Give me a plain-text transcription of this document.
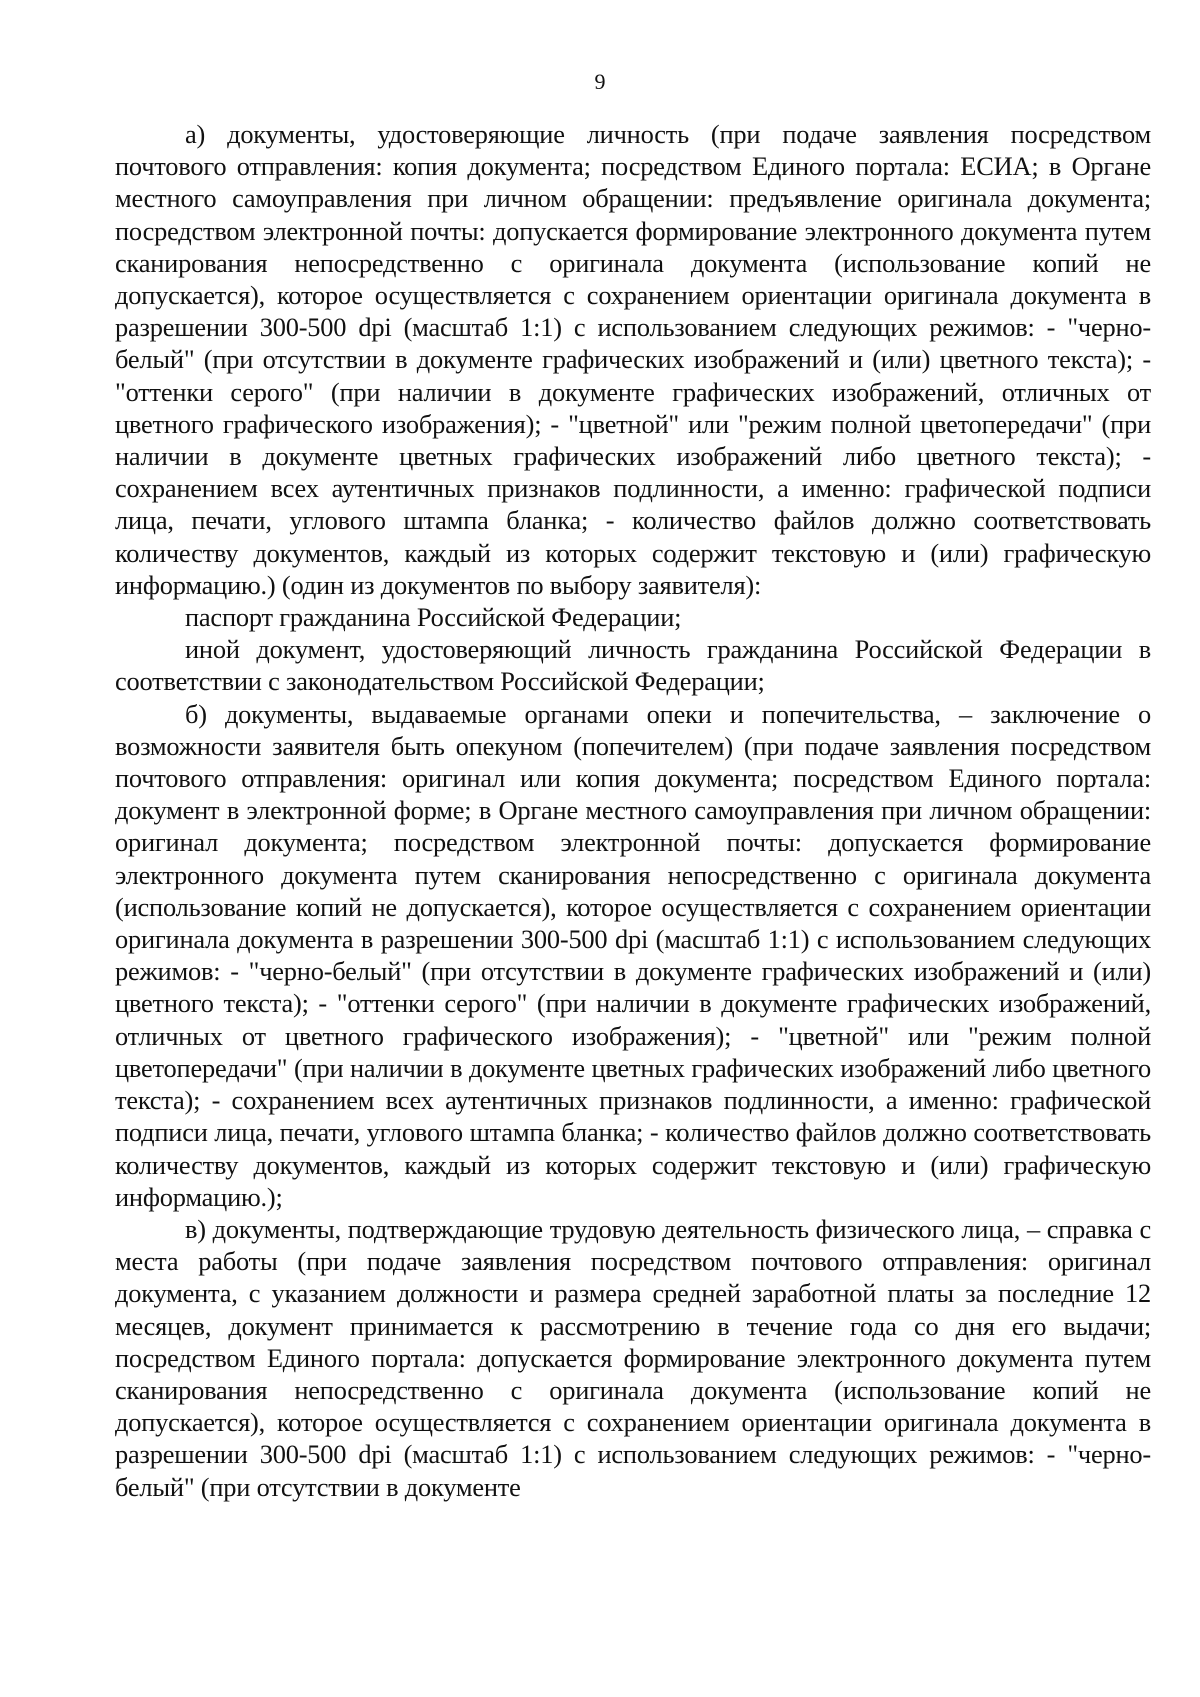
9

а) документы, удостоверяющие личность (при подаче заявления посредством почтового отправления: копия документа; посредством Единого портала: ЕСИА; в Органе местного самоуправления при личном обращении: предъявление оригинала документа; посредством электронной почты: допускается формирование электронного документа путем сканирования непосредственно с оригинала документа (использование копий не допускается), которое осуществляется с сохранением ориентации оригинала документа в разрешении 300-500 dpi (масштаб 1:1) с использованием следующих режимов: - "черно-белый" (при отсутствии в документе графических изображений и (или) цветного текста); - "оттенки серого" (при наличии в документе графических изображений, отличных от цветного графического изображения); - "цветной" или "режим полной цветопередачи" (при наличии в документе цветных графических изображений либо цветного текста); - сохранением всех аутентичных признаков подлинности, а именно: графической подписи лица, печати, углового штампа бланка; - количество файлов должно соответствовать количеству документов, каждый из которых содержит текстовую и (или) графическую информацию.) (один из документов по выбору заявителя):

паспорт гражданина Российской Федерации;

иной документ, удостоверяющий личность гражданина Российской Федерации в соответствии с законодательством Российской Федерации;

б) документы, выдаваемые органами опеки и попечительства, – заключение о возможности заявителя быть опекуном (попечителем) (при подаче заявления посредством почтового отправления: оригинал или копия документа; посредством Единого портала: документ в электронной форме; в Органе местного самоуправления при личном обращении: оригинал документа; посредством электронной почты: допускается формирование электронного документа путем сканирования непосредственно с оригинала документа (использование копий не допускается), которое осуществляется с сохранением ориентации оригинала документа в разрешении 300-500 dpi (масштаб 1:1) с использованием следующих режимов: - "черно-белый" (при отсутствии в документе графических изображений и (или) цветного текста); - "оттенки серого" (при наличии в документе графических изображений, отличных от цветного графического изображения); - "цветной" или "режим полной цветопередачи" (при наличии в документе цветных графических изображений либо цветного текста); - сохранением всех аутентичных признаков подлинности, а именно: графической подписи лица, печати, углового штампа бланка; - количество файлов должно соответствовать количеству документов, каждый из которых содержит текстовую и (или) графическую информацию.);

в) документы, подтверждающие трудовую деятельность физического лица, – справка с места работы (при подаче заявления посредством почтового отправления: оригинал документа, с указанием должности и размера средней заработной платы за последние 12 месяцев, документ принимается к рассмотрению в течение года со дня его выдачи; посредством Единого портала: допускается формирование электронного документа путем сканирования непосредственно с оригинала документа (использование копий не допускается), которое осуществляется с сохранением ориентации оригинала документа в разрешении 300-500 dpi (масштаб 1:1) с использованием следующих режимов: - "черно-белый" (при отсутствии в документе
